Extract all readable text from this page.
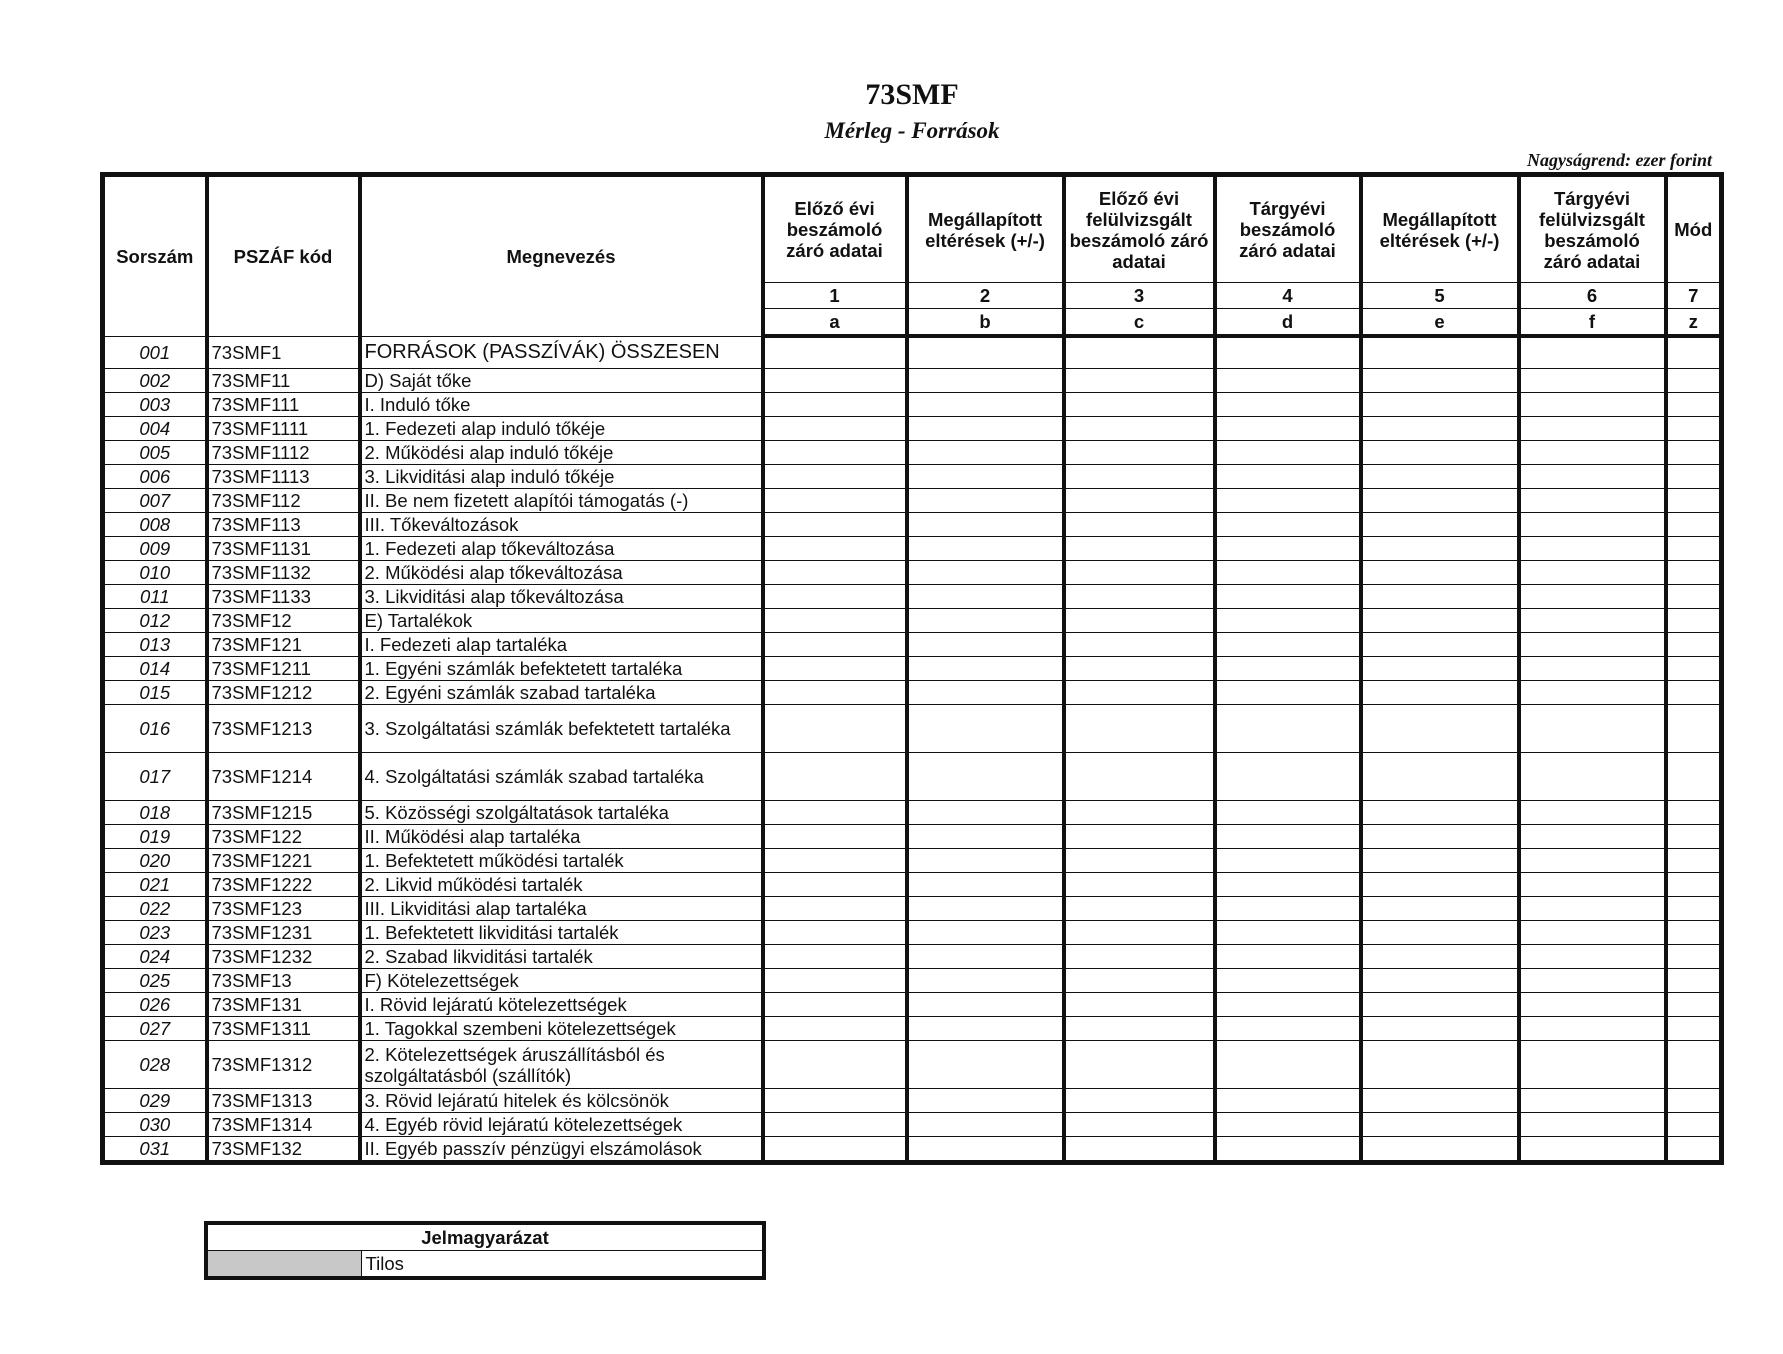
73SMF
Mérleg - Források
Nagyságrend: ezer forint
Sorszám	PSZÁF kód	Megnevezés	Előző évi beszámoló záró adatai	Megállapított eltérések (+/-)	Előző évi felülvizsgált beszámoló záró adatai	Tárgyévi beszámoló záró adatai	Megállapított eltérések (+/-)	Tárgyévi felülvizsgált beszámoló záró adatai	Mód
			1	2	3	4	5	6	7
			a	b	c	d	e	f	z
001	73SMF1	FORRÁSOK (PASSZÍVÁK) ÖSSZESEN							
002	73SMF11	D) Saját tőke							
003	73SMF111	I. Induló tőke							
004	73SMF1111	1. Fedezeti alap induló tőkéje							
005	73SMF1112	2. Működési alap induló tőkéje							
006	73SMF1113	3. Likviditási alap induló tőkéje							
007	73SMF112	II. Be nem fizetett alapítói támogatás (-)							
008	73SMF113	III. Tőkeváltozások							
009	73SMF1131	1. Fedezeti alap tőkeváltozása							
010	73SMF1132	2. Működési alap tőkeváltozása							
011	73SMF1133	3. Likviditási alap tőkeváltozása							
012	73SMF12	E) Tartalékok							
013	73SMF121	I. Fedezeti alap tartaléka							
014	73SMF1211	1. Egyéni számlák befektetett tartaléka							
015	73SMF1212	2. Egyéni számlák szabad tartaléka							
016	73SMF1213	3. Szolgáltatási számlák befektetett tartaléka							
017	73SMF1214	4. Szolgáltatási számlák szabad tartaléka							
018	73SMF1215	5. Közösségi szolgáltatások tartaléka							
019	73SMF122	II. Működési alap tartaléka							
020	73SMF1221	1. Befektetett működési tartalék							
021	73SMF1222	2. Likvid működési tartalék							
022	73SMF123	III. Likviditási alap tartaléka							
023	73SMF1231	1. Befektetett likviditási tartalék							
024	73SMF1232	2. Szabad likviditási tartalék							
025	73SMF13	F) Kötelezettségek							
026	73SMF131	I. Rövid lejáratú kötelezettségek							
027	73SMF1311	1. Tagokkal szembeni kötelezettségek							
028	73SMF1312	2. Kötelezettségek áruszállításból és szolgáltatásból (szállítók)							
029	73SMF1313	3. Rövid lejáratú hitelek és kölcsönök							
030	73SMF1314	4. Egyéb rövid lejáratú kötelezettségek							
031	73SMF132	II. Egyéb passzív pénzügyi elszámolások							
Jelmagyarázat
	Tilos
